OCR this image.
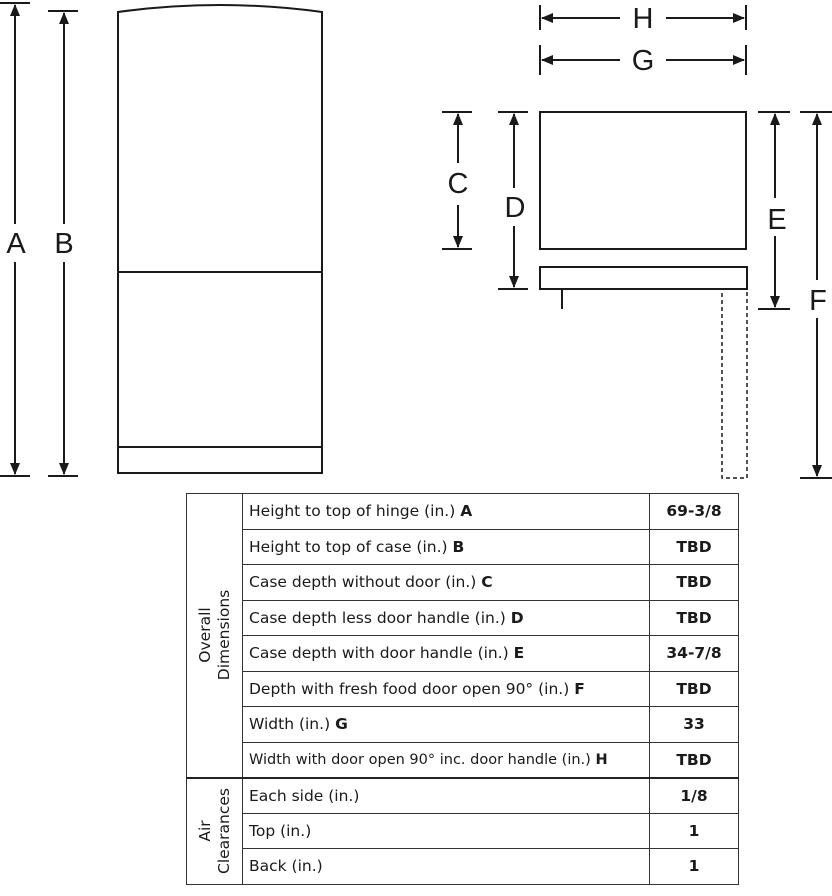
A B
H
G
C
D	E
F
Overall
Dimensions	Height to top of hinge (in.) A	69-3/8
	Height to top of case (in.) B	TBD
	Case depth without door (in.) C	TBD
	Case depth less door handle (in.) D	TBD
	Case depth with door handle (in.) E	34-7/8
	Depth with fresh food door open 90° (in.) F	TBD
	Width (in.) G	33
	Width with door open 90° inc. door handle (in.) H	TBD

Air
Clearances	Each side (in.)	1/8
	Top (in.)	1
	Back (in.)	1
